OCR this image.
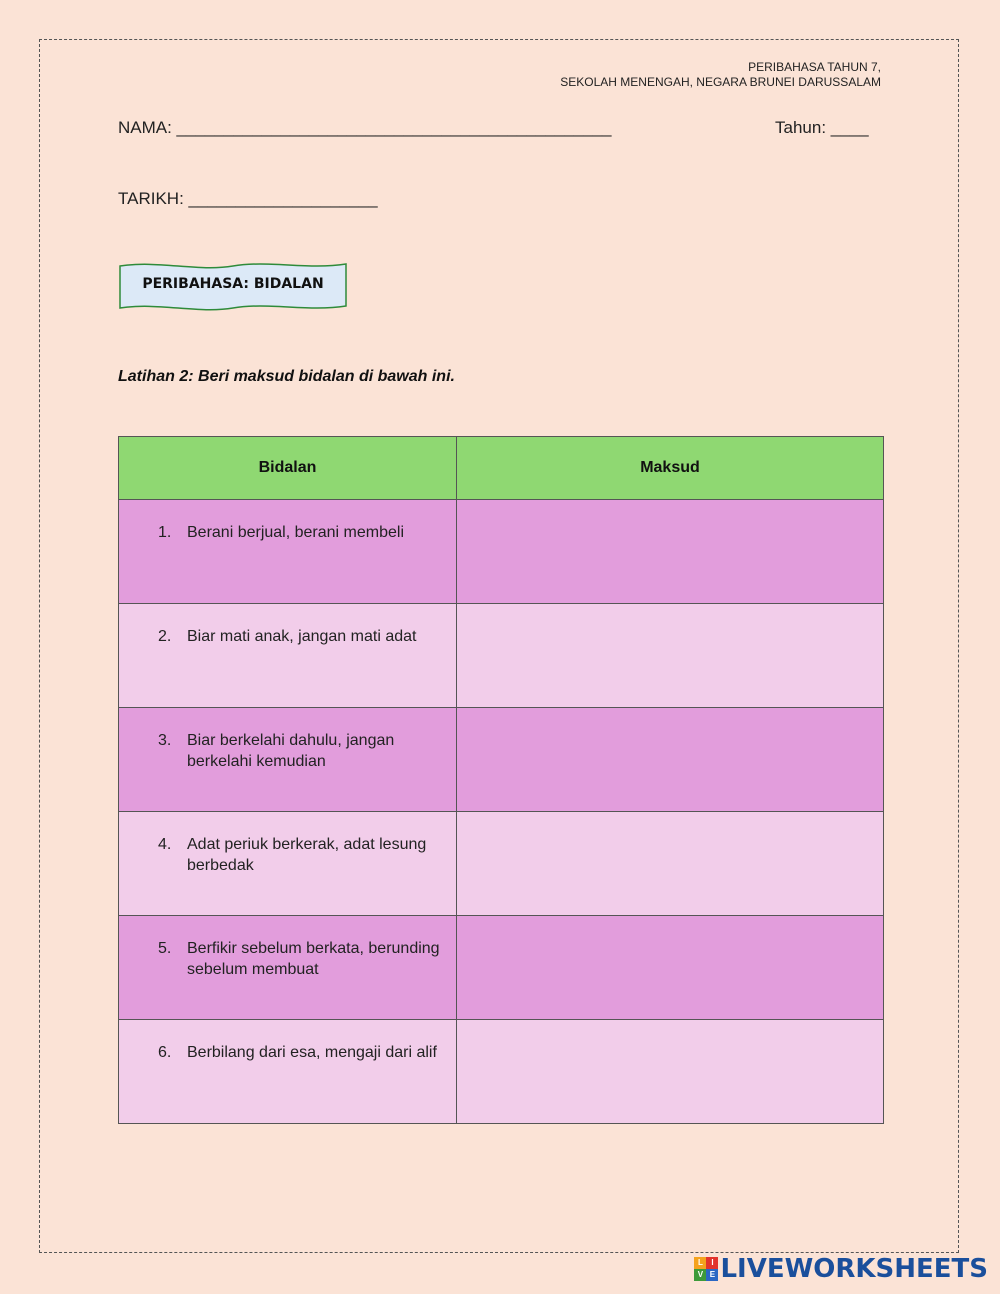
PERIBAHASA TAHUN 7,
SEKOLAH MENENGAH, NEGARA BRUNEI DARUSSALAM
NAMA: ______________________________________________	Tahun: ____
TARIKH: ____________________
PERIBAHASA: BIDALAN
Latihan 2: Beri maksud bidalan di bawah ini.
Bidalan	Maksud

1. Berani berjual, berani membeli	

2. Biar mati anak, jangan mati adat	

3. Biar berkelahi dahulu, jangan berkelahi kemudian	

4. Adat periuk berkerak, adat lesung berbedak	

5. Berfikir sebelum berkata, berunding sebelum membuat	

6. Berbilang dari esa, mengaji dari alif	

L	I
V E LIVEWORKSHEETS
